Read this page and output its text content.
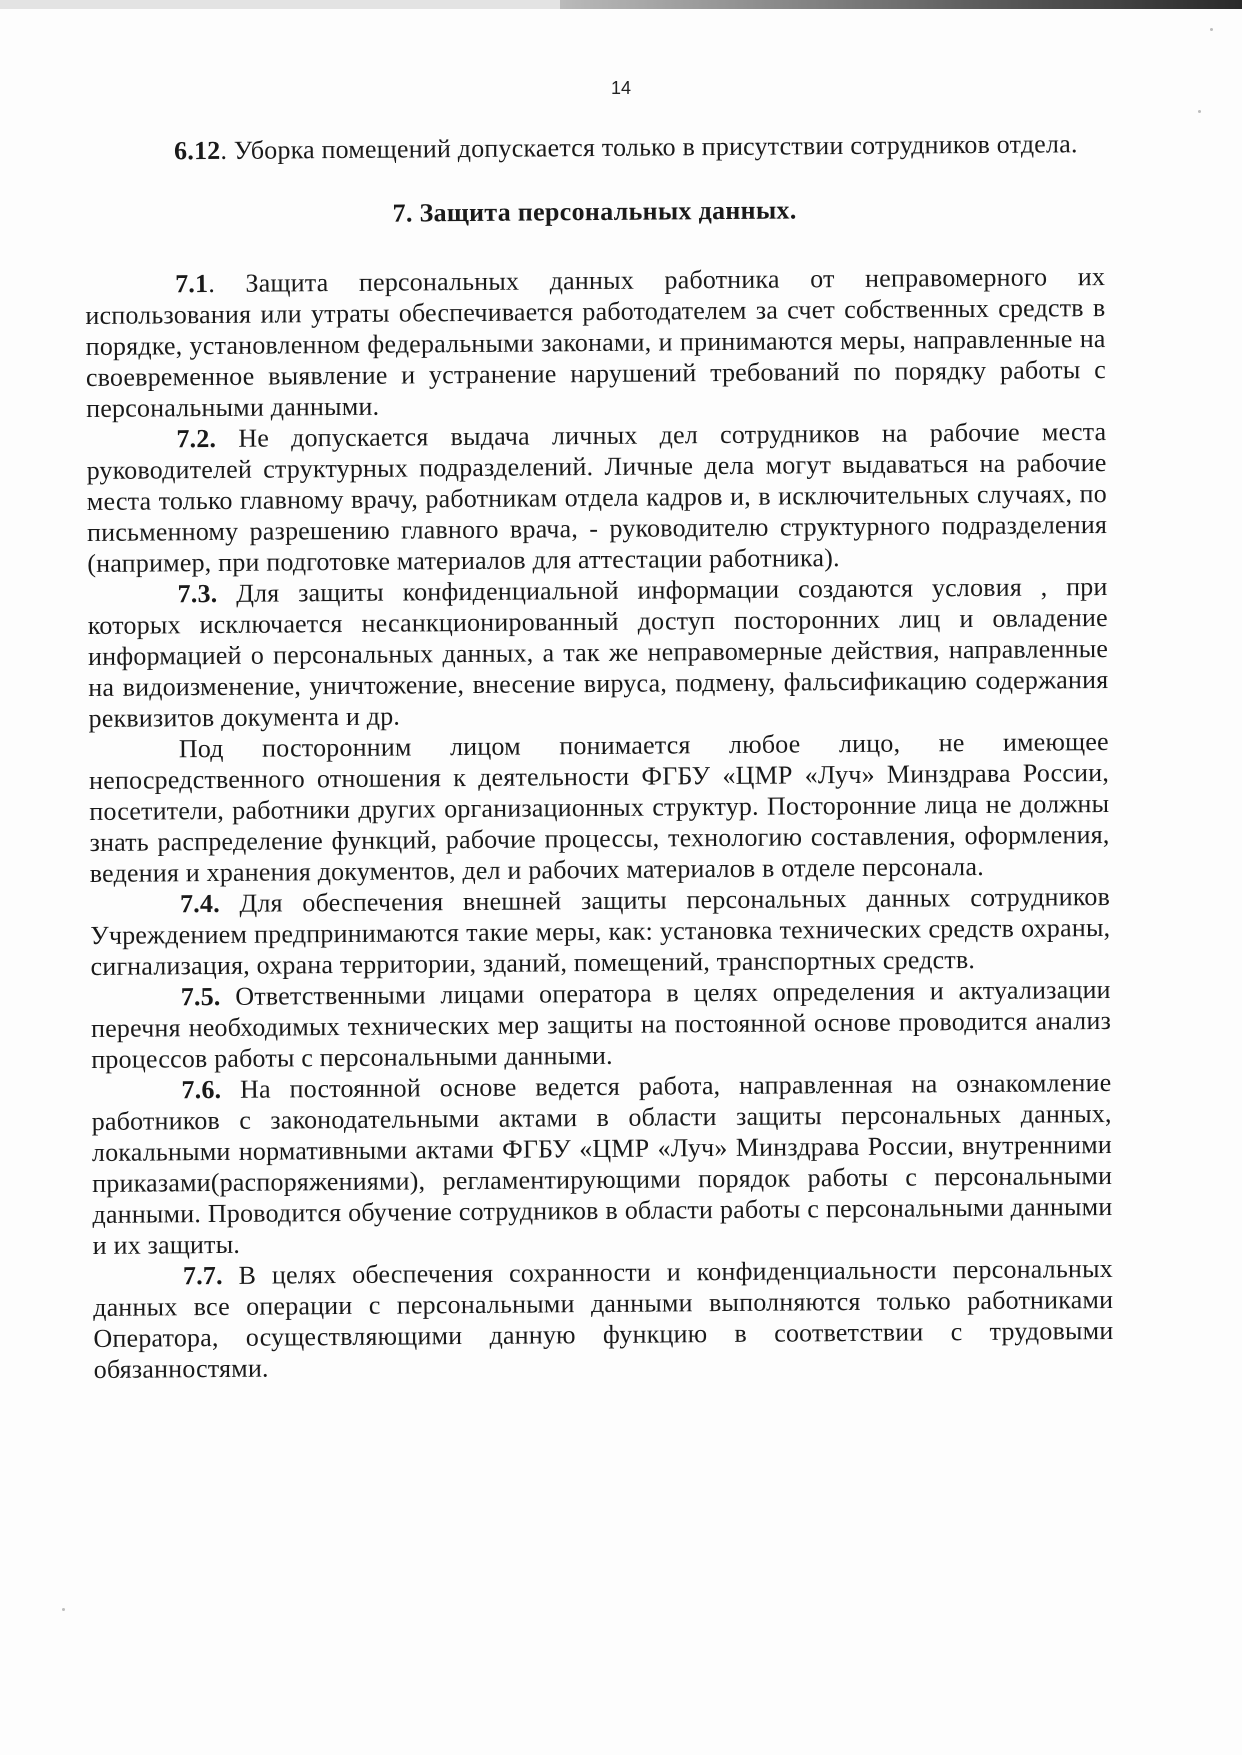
14

6.12. Уборка помещений допускается только в присутствии сотрудников отдела.

7. Защита персональных данных.

7.1. Защита персональных данных работника от неправомерного их использования или утраты обеспечивается работодателем за счет собственных средств в порядке, установленном федеральными законами, и принимаются меры, направленные на своевременное выявление и устранение нарушений требований по порядку работы с персональными данными.

7.2. Не допускается выдача личных дел сотрудников на рабочие места руководителей структурных подразделений. Личные дела могут выдаваться на рабочие места только главному врачу, работникам отдела кадров и, в исключительных случаях, по письменному разрешению главного врача, - руководителю структурного подразделения (например, при подготовке материалов для аттестации работника).

7.3. Для защиты конфиденциальной информации создаются условия , при которых исключается несанкционированный доступ посторонних лиц и овладение информацией о персональных данных, а так же неправомерные действия, направленные на видоизменение, уничтожение, внесение вируса, подмену, фальсификацию содержания реквизитов документа и др.

Под посторонним лицом понимается любое лицо, не имеющее непосредственного отношения к деятельности ФГБУ «ЦМР «Луч» Минздрава России, посетители, работники других организационных структур. Посторонние лица не должны знать распределение функций, рабочие процессы, технологию составления, оформления, ведения и хранения документов, дел и рабочих материалов в отделе персонала.

7.4. Для обеспечения внешней защиты персональных данных сотрудников Учреждением предпринимаются такие меры, как: установка технических средств охраны, сигнализация, охрана территории, зданий, помещений, транспортных средств.

7.5. Ответственными лицами оператора в целях определения и актуализации перечня необходимых технических мер защиты на постоянной основе проводится анализ процессов работы с персональными данными.

7.6. На постоянной основе ведется работа, направленная на ознакомление работников с законодательными актами в области защиты персональных данных, локальными нормативными актами ФГБУ «ЦМР «Луч» Минздрава России, внутренними приказами(распоряжениями), регламентирующими порядок работы с персональными данными. Проводится обучение сотрудников в области работы с персональными данными и их защиты.

7.7. В целях обеспечения сохранности и конфиденциальности персональных данных все операции с персональными данными выполняются только работниками Оператора, осуществляющими данную функцию в соответствии с трудовыми обязанностями.
